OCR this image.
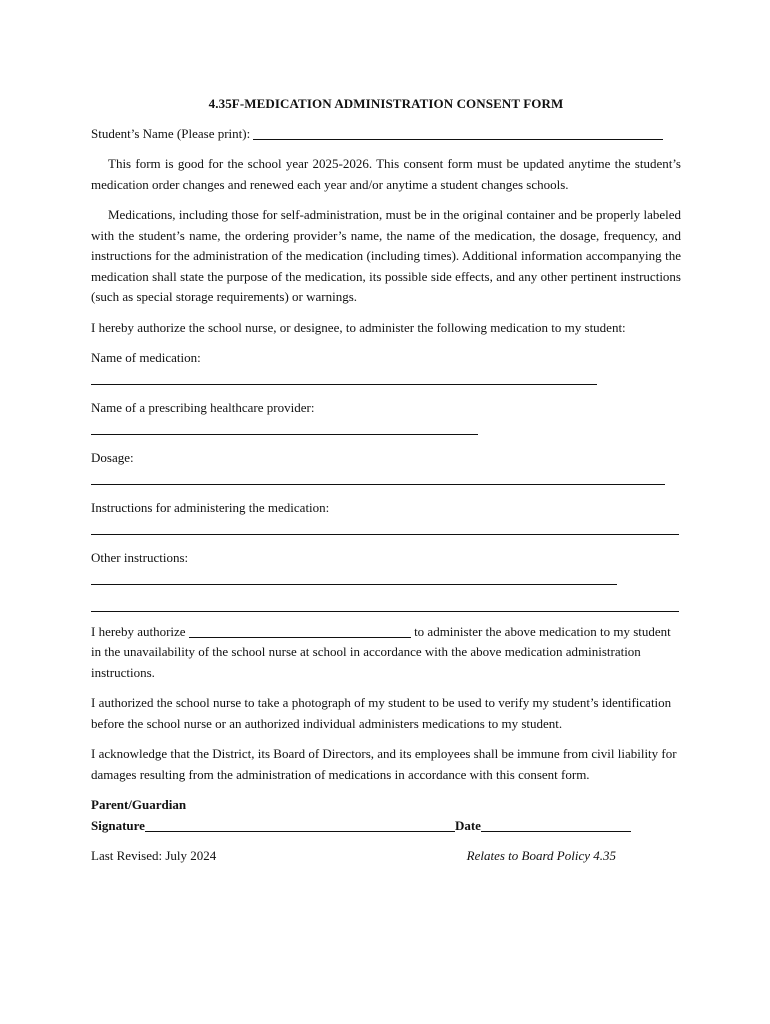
4.35F-MEDICATION ADMINISTRATION CONSENT FORM
Student’s Name (Please print):

This form is good for the school year 2025-2026. This consent form must be updated anytime the student’s medication order changes and renewed each year and/or anytime a student changes schools.

Medications, including those for self-administration, must be in the original container and be properly labeled with the student’s name, the ordering provider’s name, the name of the medication, the dosage, frequency, and instructions for the administration of the medication (including times). Additional information accompanying the medication shall state the purpose of the medication, its possible side effects, and any other pertinent instructions (such as special storage requirements) or warnings.

I hereby authorize the school nurse, or designee, to administer the following medication to my student:

Name of medication:
Name of a prescribing healthcare provider:
Dosage:
Instructions for administering the medication:
Other instructions:

I hereby authorize	to administer the above medication to my student in the unavailability of the school nurse at school in accordance with the above medication administration instructions.

I authorized the school nurse to take a photograph of my student to be used to verify my student’s identification before the school nurse or an authorized individual administers medications to my student.

I acknowledge that the District, its Board of Directors, and its employees shall be immune from civil liability for damages resulting from the administration of medications in accordance with this consent form.

Parent/Guardian
Signature	Date
Last Revised: July 2024	Relates to Board Policy 4.35
